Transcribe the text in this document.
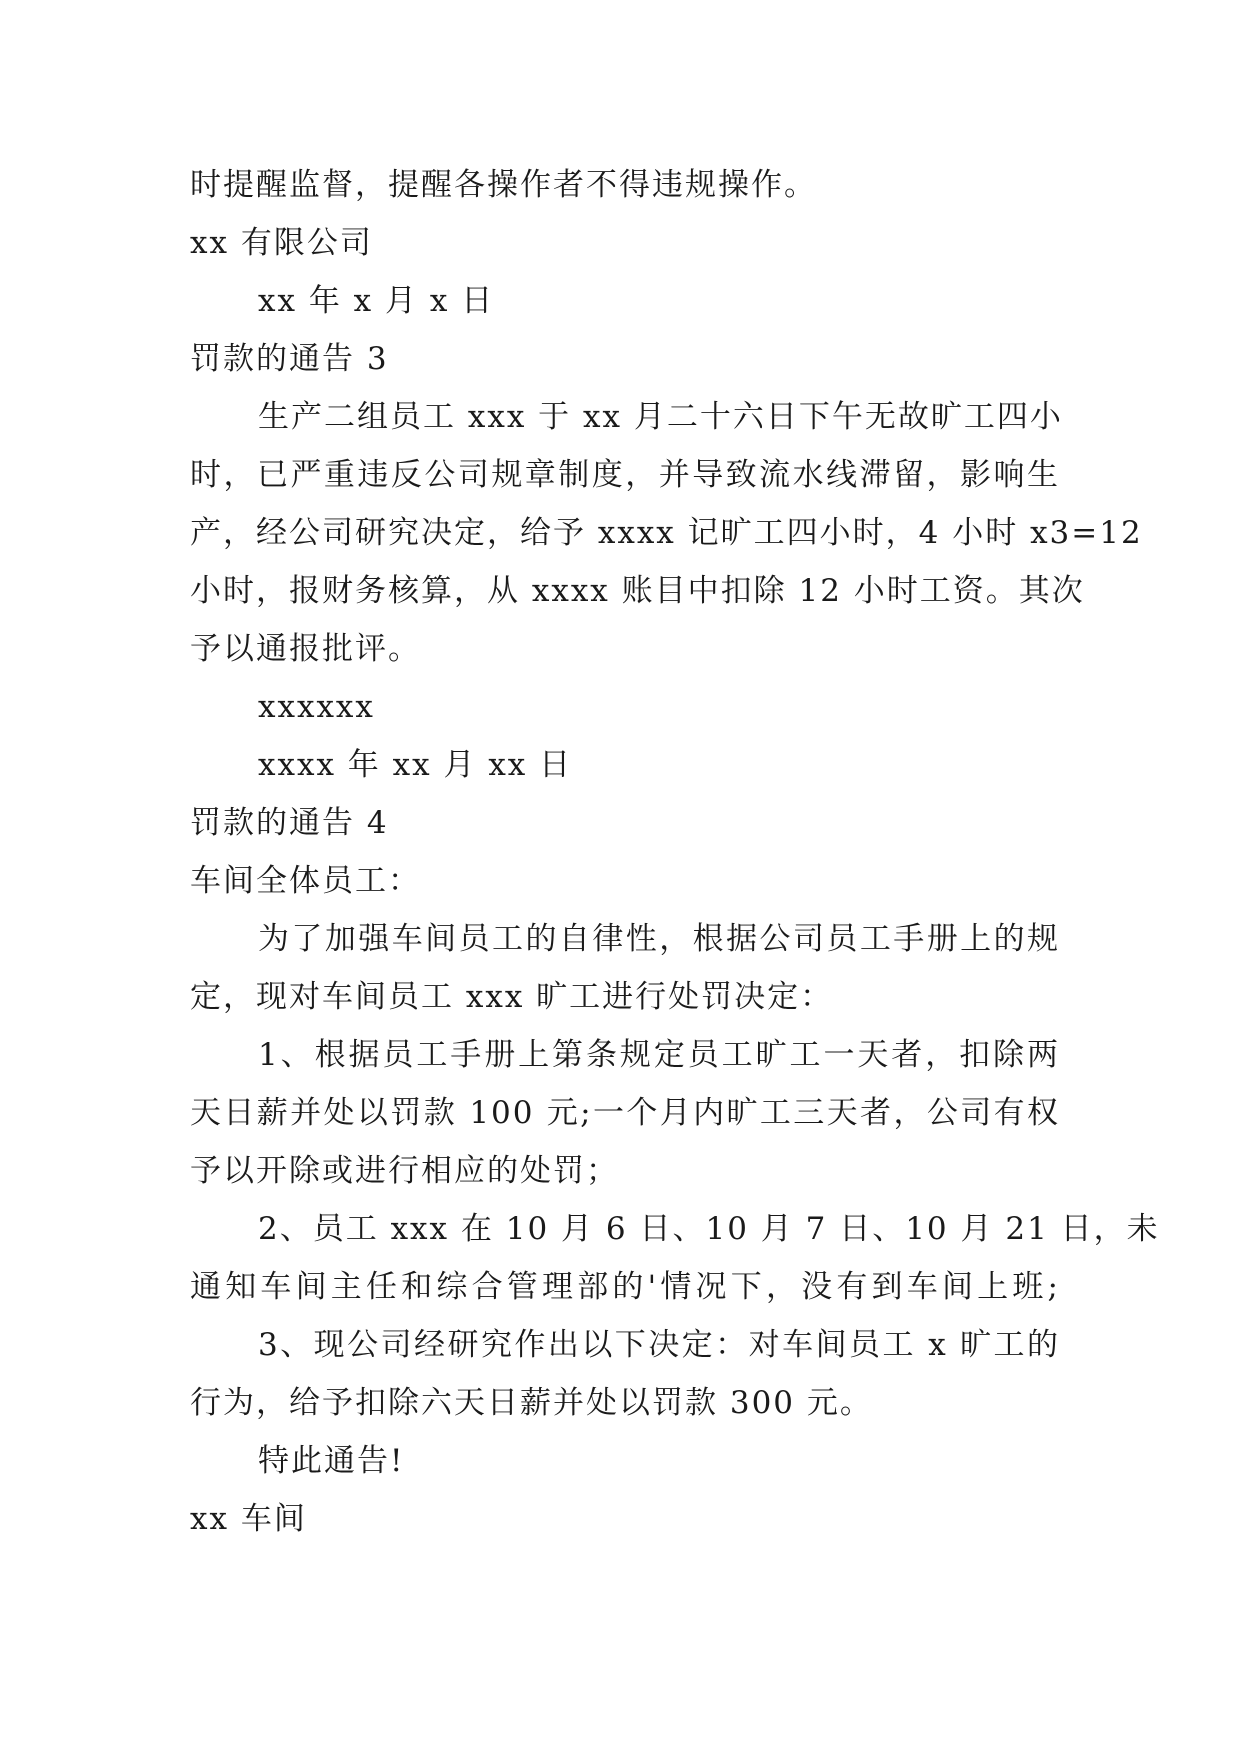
时提醒监督，提醒各操作者不得违规操作。
xx 有限公司
xx 年 x 月 x 日
罚款的通告 3
生产二组员工 xxx 于 xx 月二十六日下午无故旷工四小
时，已严重违反公司规章制度，并导致流水线滞留，影响生
产，经公司研究决定，给予 xxxx 记旷工四小时，4 小时 x3=12
小时，报财务核算，从 xxxx 账目中扣除 12 小时工资。其次
予以通报批评。
xxxxxx
xxxx 年 xx 月 xx 日
罚款的通告 4
车间全体员工：
为了加强车间员工的自律性，根据公司员工手册上的规
定，现对车间员工 xxx 旷工进行处罚决定：
1、根据员工手册上第条规定员工旷工一天者，扣除两
天日薪并处以罚款 100 元;一个月内旷工三天者，公司有权
予以开除或进行相应的处罚；
2、员工 xxx 在 10 月 6 日、10 月 7 日、10 月 21 日，未
通知车间主任和综合管理部的'情况下，没有到车间上班;
3、现公司经研究作出以下决定：对车间员工 x 旷工的
行为，给予扣除六天日薪并处以罚款 300 元。
特此通告!
xx 车间
